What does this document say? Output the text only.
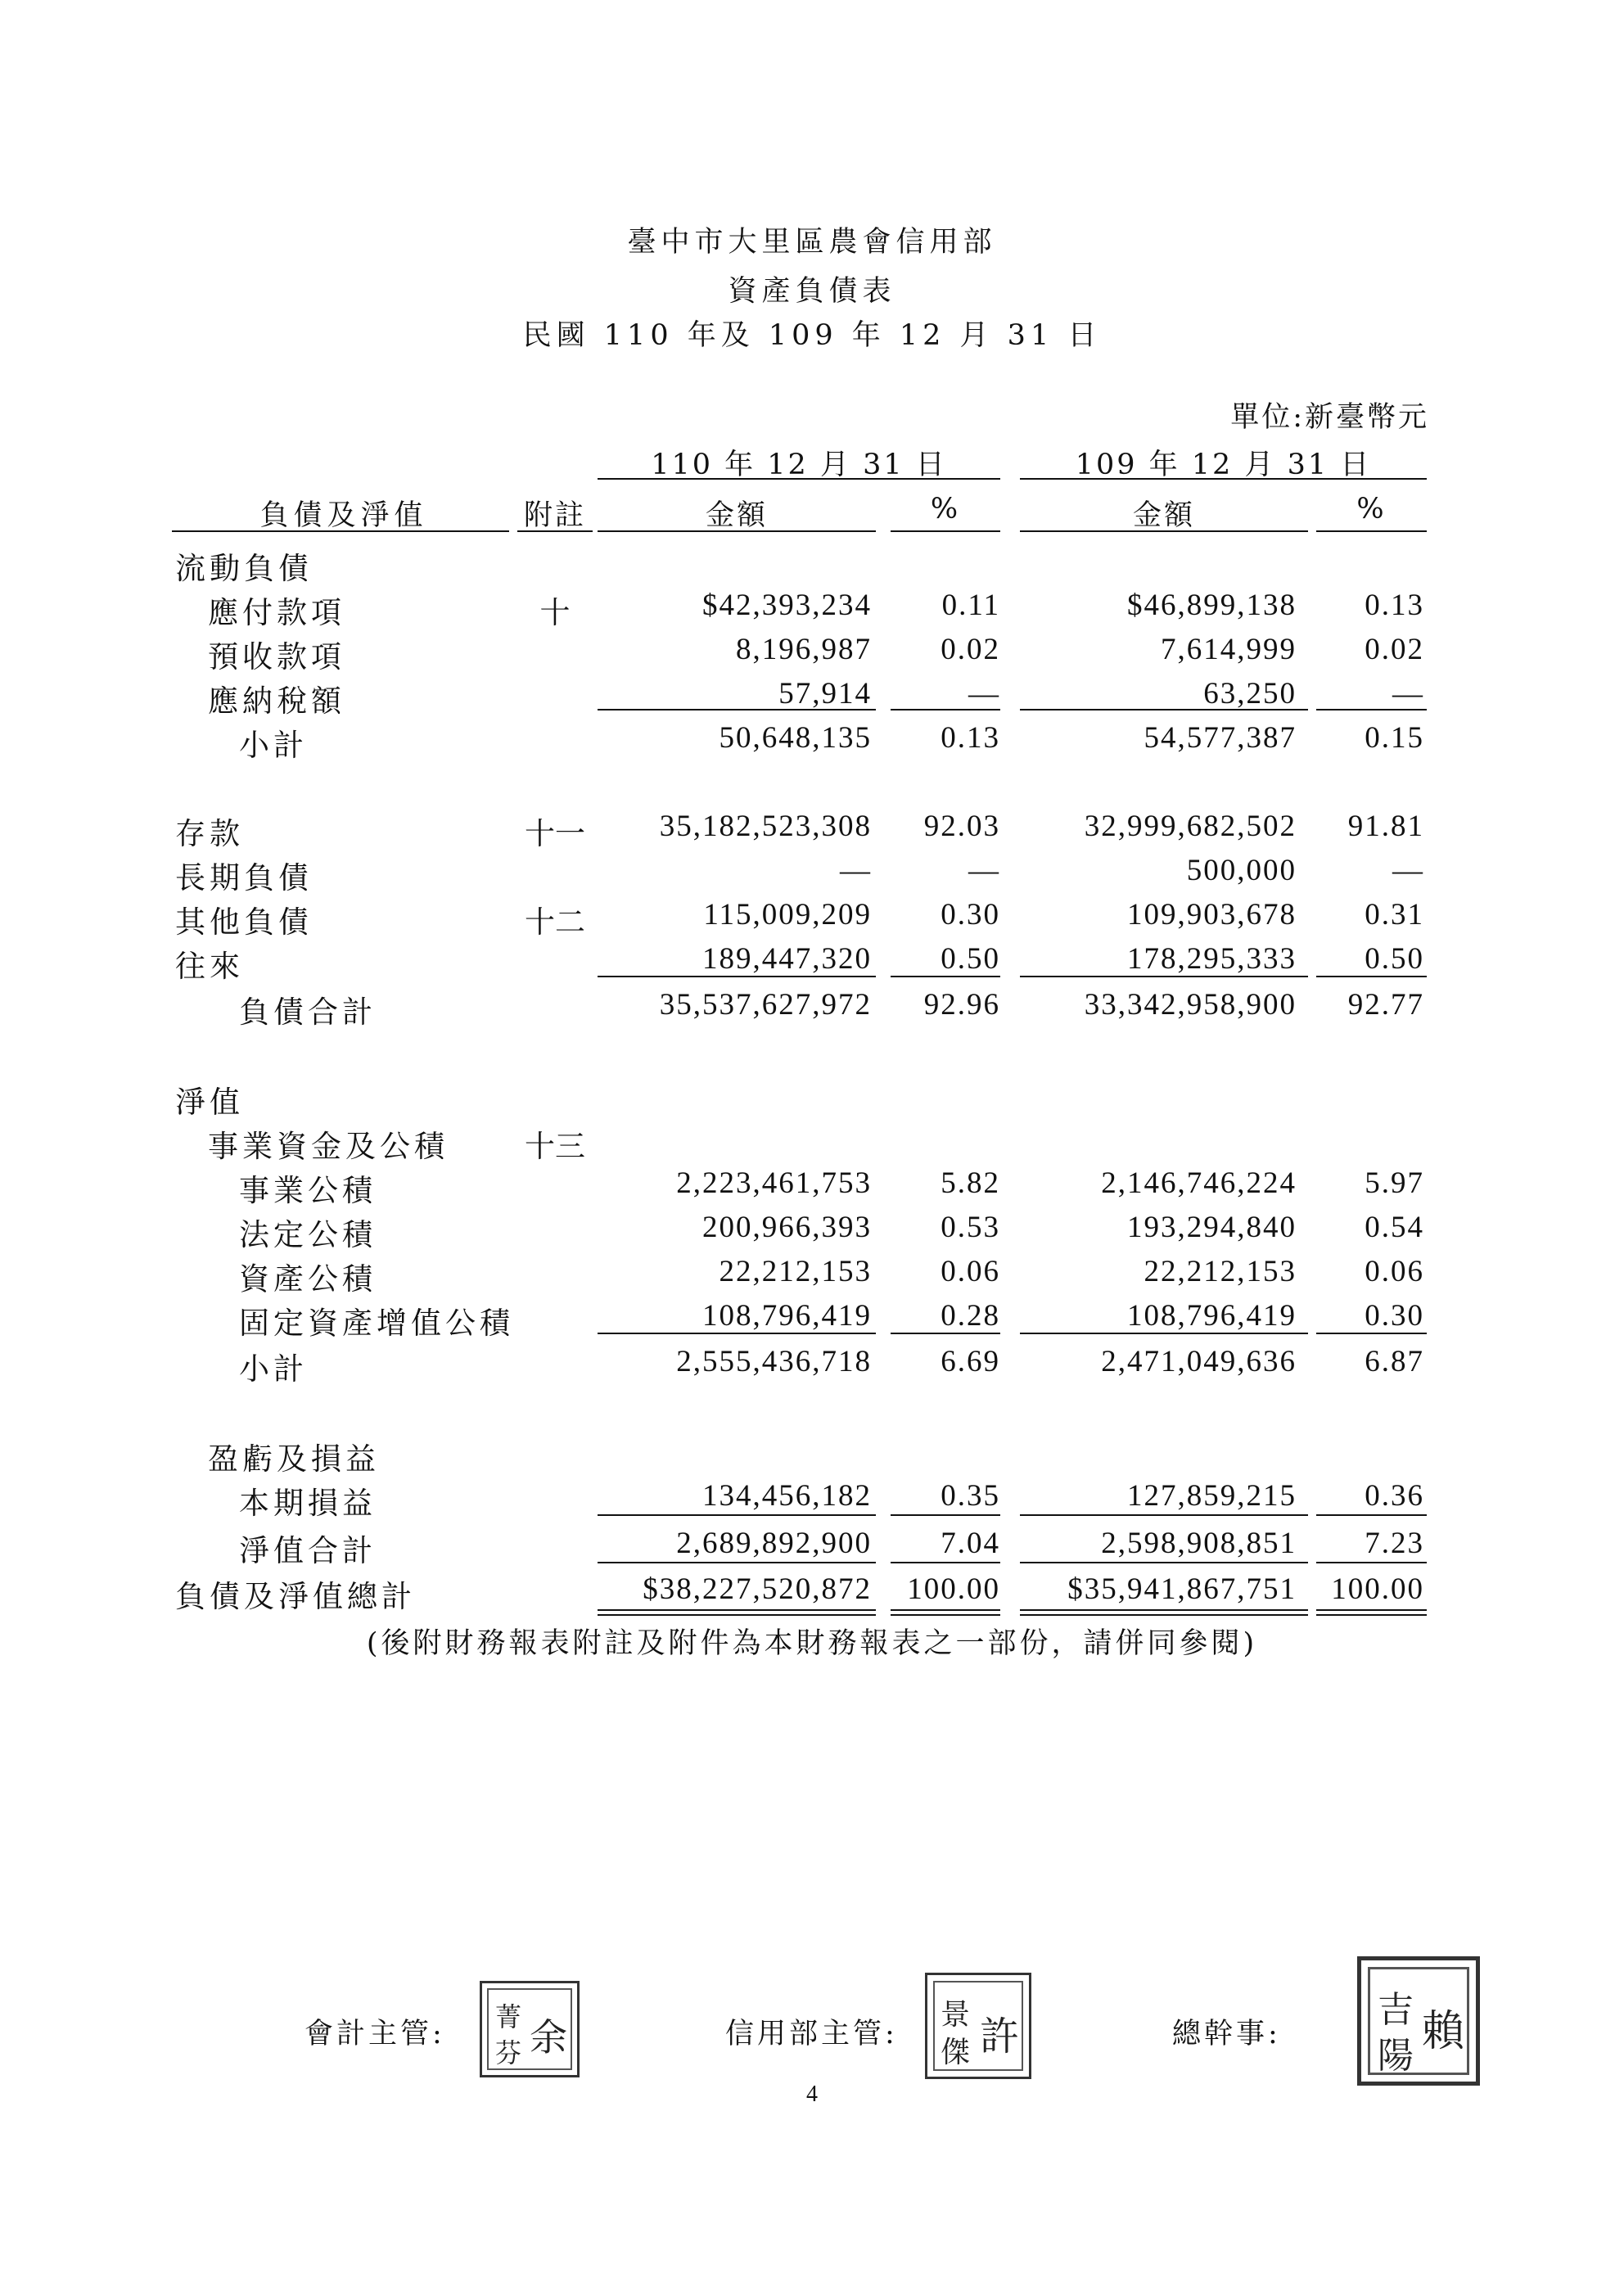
臺中市大里區農會信用部
資產負債表
民國 110 年及 109 年 12 月 31 日
單位:新臺幣元
110 年 12 月 31 日	109 年 12 月 31 日
負債及淨值	附註	金額	%	金額	%
流動負債
應付款項	十	$42,393,234 0.11	$46,899,138 0.13
預收款項	8,196,987 0.02	7,614,999 0.02
應納稅額	57,914	—	63,250	—
小計	50,648,135 0.13	54,577,387 0.15
存款	十一 35,182,523,308 92.03	32,999,682,502 91.81
長期負債	—	—	500,000	—
其他負債	十二	115,009,209 0.30	109,903,678 0.31
往來	189,447,320 0.50	178,295,333 0.50
負債合計	35,537,627,972 92.96	33,342,958,900 92.77
淨值
事業資金及公積	十三
事業公積	2,223,461,753 5.82	2,146,746,224 5.97
法定公積	200,966,393 0.53	193,294,840 0.54
資產公積	22,212,153 0.06	22,212,153 0.06
固定資產增值公積	108,796,419 0.28	108,796,419 0.30
小計	2,555,436,718 6.69	2,471,049,636 6.87
盈虧及損益
本期損益	134,456,182 0.35	127,859,215 0.36
淨值合計	2,689,892,900 7.04	2,598,908,851 7.23
負債及淨值總計	$38,227,520,872 100.00 $35,941,867,751 100.00
(後附財務報表附註及附件為本財務報表之一部份，請併同參閱)
會計主管:
菁
芬 余	信用部主管:
景
傑 許	總幹事:
吉
陽 賴
4
